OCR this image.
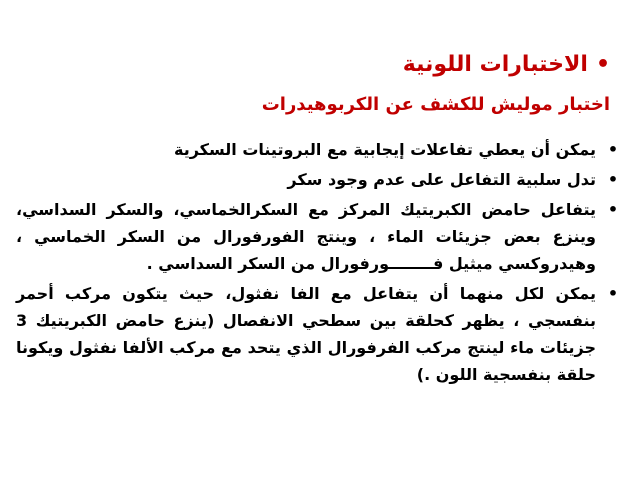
•
الاختبارات اللونية
اختبار موليش للكشف عن الكربوهيدرات
•
يمكن أن يعطي تفاعلات إيجابية مع البروتينات السكرية
•
تدل سلبية التفاعل على عدم وجود سكر
•
يتفاعل حامض الكبريتيك المركز مع السكرالخماسي، والسكر السداسي، وينزع بعض جزيئات الماء ، وينتج الفورفورال من السكر الخماسي ، وهيدروكسي ميثيل فــــــــورفورال من السكر السداسي .
•
يمكن لكل منهما أن يتفاعل مع الفا نفثول، حيث يتكون مركب أحمر بنفسجي ، يظهر كحلقة بين سطحي الانفصال (ينزع حامض الكبريتيك 3 جزيئات ماء لينتج مركب الفرفورال الذي يتحد مع مركب الألفا نفثول ويكونا حلقة بنفسجية اللون .)
